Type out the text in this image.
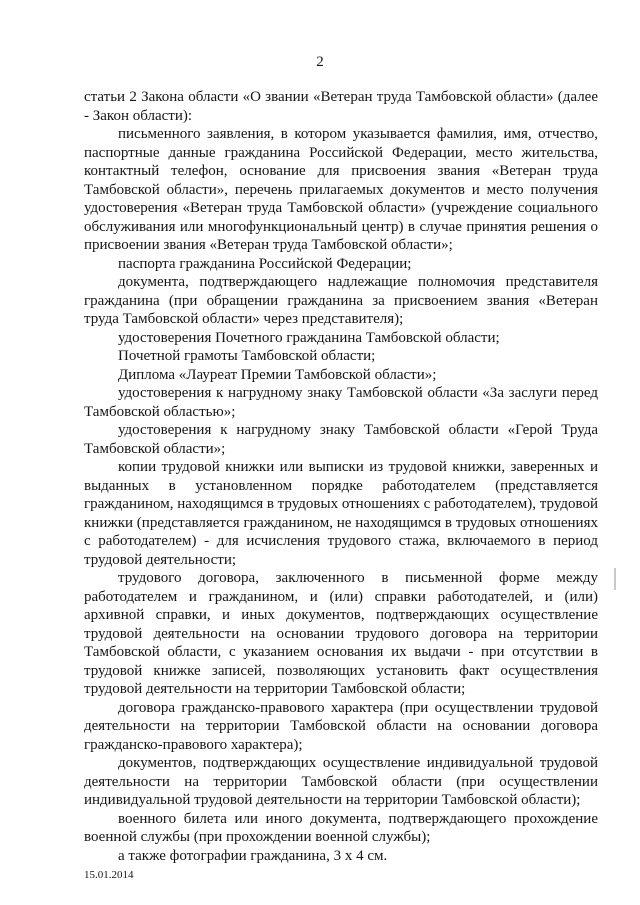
2

статьи 2 Закона области «О звании «Ветеран труда Тамбовской области» (далее - Закон области):

письменного заявления, в котором указывается фамилия, имя, отчество, паспортные данные гражданина Российской Федерации, место жительства, контактный телефон, основание для присвоения звания «Ветеран труда Тамбовской области», перечень прилагаемых документов и место получения удостоверения «Ветеран труда Тамбовской области» (учреждение социального обслуживания или многофункциональный центр) в случае принятия решения о присвоении звания «Ветеран труда Тамбовской области»;

паспорта гражданина Российской Федерации;

документа, подтверждающего надлежащие полномочия представителя гражданина (при обращении гражданина за присвоением звания «Ветеран труда Тамбовской области» через представителя);

удостоверения Почетного гражданина Тамбовской области;

Почетной грамоты Тамбовской области;

Диплома «Лауреат Премии Тамбовской области»;

удостоверения к нагрудному знаку Тамбовской области «За заслуги перед Тамбовской областью»;

удостоверения к нагрудному знаку Тамбовской области «Герой Труда Тамбовской области»;

копии трудовой книжки или выписки из трудовой книжки, заверенных и выданных в установленном порядке работодателем (представляется гражданином, находящимся в трудовых отношениях с работодателем), трудовой книжки (представляется гражданином, не находящимся в трудовых отношениях с работодателем) - для исчисления трудового стажа, включаемого в период трудовой деятельности;

трудового договора, заключенного в письменной форме между работодателем и гражданином, и (или) справки работодателей, и (или) архивной справки, и иных документов, подтверждающих осуществление трудовой деятельности на основании трудового договора на территории Тамбовской области, с указанием основания их выдачи - при отсутствии в трудовой книжке записей, позволяющих установить факт осуществления трудовой деятельности на территории Тамбовской области;

договора гражданско-правового характера (при осуществлении трудовой деятельности на территории Тамбовской области на основании договора гражданско-правового характера);

документов, подтверждающих осуществление индивидуальной трудовой деятельности на территории Тамбовской области (при осуществлении индивидуальной трудовой деятельности на территории Тамбовской области);

военного билета или иного документа, подтверждающего прохождение военной службы (при прохождении военной службы);

а также фотографии гражданина, 3 х 4 см.

15.01.2014
